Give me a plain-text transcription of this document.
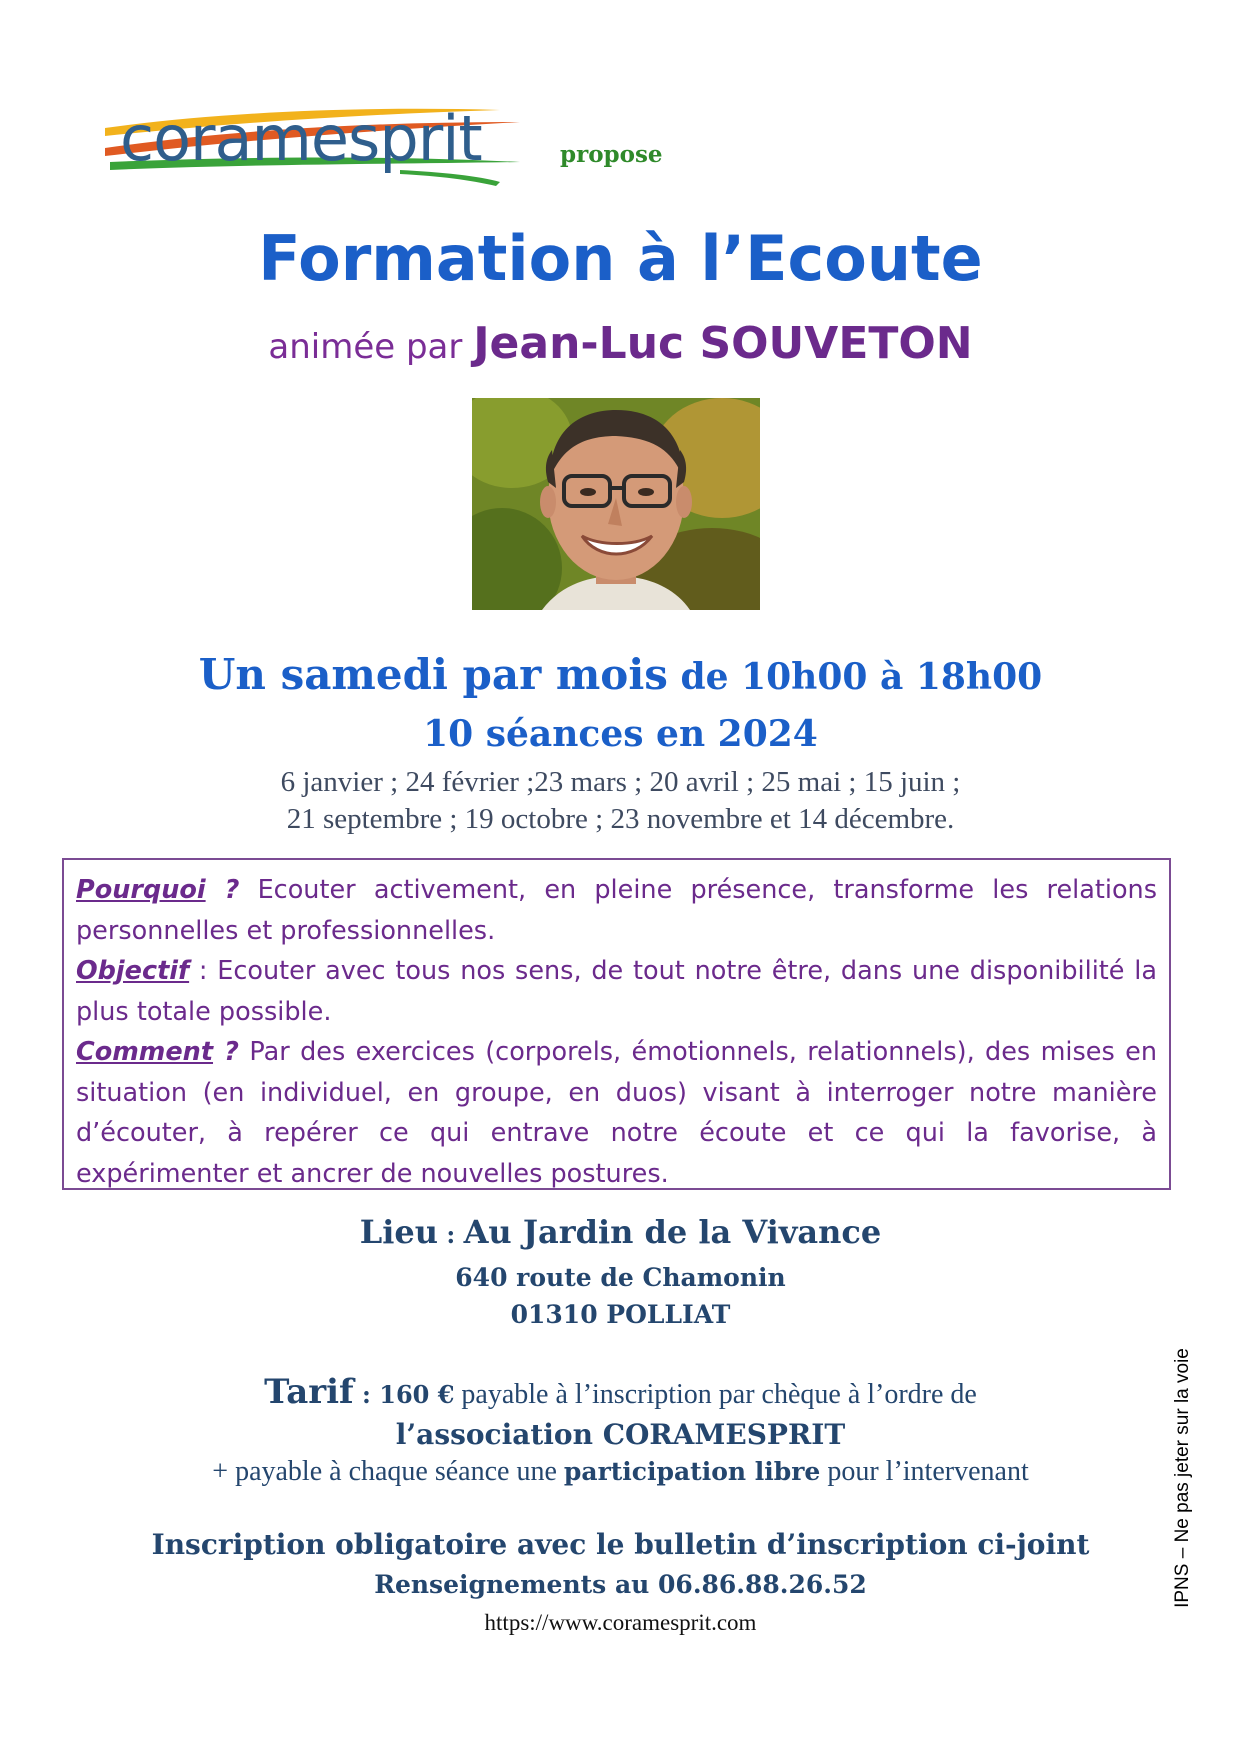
coramesprit	propose
Formation à l’Ecoute
animée par Jean-Luc SOUVETON
Un samedi par mois de 10h00 à 18h00
10 séances en 2024
6 janvier ; 24 février ;23 mars ; 20 avril ; 25 mai ; 15 juin ;
21 septembre ; 19 octobre ; 23 novembre et 14 décembre.

Pourquoi ? Ecouter activement, en pleine présence, transforme les relations personnelles et professionnelles.

Objectif : Ecouter avec tous nos sens, de tout notre être, dans une disponibilité la plus totale possible.

Comment ? Par des exercices (corporels, émotionnels, relationnels), des mises en situation (en individuel, en groupe, en duos) visant à interroger notre manière d’écouter, à repérer ce qui entrave notre écoute et ce qui la favorise, à expérimenter et ancrer de nouvelles postures.

Lieu : Au Jardin de la Vivance
640 route de Chamonin
01310 POLLIAT
Tarif : 160 € payable à l’inscription par chèque à l’ordre de
l’association CORAMESPRIT
+ payable à chaque séance une participation libre pour l’intervenant
Inscription obligatoire avec le bulletin d’inscription ci-joint
Renseignements au 06.86.88.26.52
https://www.coramesprit.com
IPNS – Ne pas jeter sur la voie
